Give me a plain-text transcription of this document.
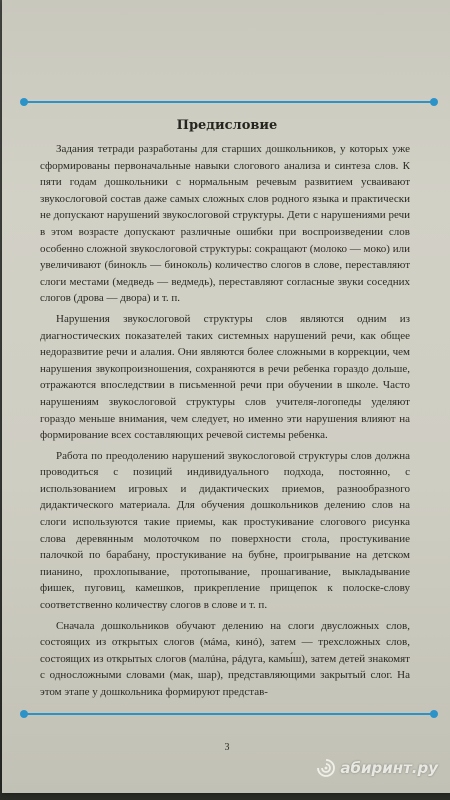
Предисловие

Задания тетради разработаны для старших дошкольников, у которых уже сформированы первоначальные навыки слогового анализа и синтеза слов. К пяти годам дошкольники с нормальным речевым развитием усваивают звукослоговой состав даже самых сложных слов родного языка и практически не допускают нарушений звукослоговой структуры. Дети с нарушениями речи в этом возрасте допускают различные ошибки при воспроизведении слов особенно сложной звукослоговой структуры: сокращают (молоко — моко) или увеличивают (бинокль — биноколь) количество слогов в слове, переставляют слоги местами (медведь — ведмедь), переставляют согласные звуки соседних слогов (дрова — двора) и т. п.

Нарушения звукослоговой структуры слов являются одним из диагностических показателей таких системных нарушений речи, как общее недоразвитие речи и алалия. Они являются более сложными в коррекции, чем нарушения звукопроизношения, сохраняются в речи ребенка гораздо дольше, отражаются впоследствии в письменной речи при обучении в школе. Часто нарушениям звукослоговой структуры слов учителя-логопеды уделяют гораздо меньше внимания, чем следует, но именно эти нарушения влияют на формирование всех составляющих речевой системы ребенка.

Работа по преодолению нарушений звукослоговой структуры слов должна проводиться с позиций индивидуального подхода, постоянно, с использованием игровых и дидактических приемов, разнообразного дидактического материала. Для обучения дошкольников делению слов на слоги используются такие приемы, как простукивание слогового рисунка слова деревянным молоточком по поверхности стола, простукивание палочкой по барабану, простукивание на бубне, проигрывание на детском пианино, прохлопывание, протопывание, прошагивание, выкладывание фишек, пуговиц, камешков, прикрепление прищепок к полоске-слову соответственно количеству слогов в слове и т. п.

Сначала дошкольников обучают делению на слоги двусложных слов, состоящих из открытых слогов (мáма, кинó), затем — трехсложных слов, состоящих из открытых слогов (малúна, рáдуга, камы́ш), затем детей знакомят с односложными словами (мак, шар), представляющими закрытый слог. На этом этапе у дошкольника формируют представ-

3
абиринт.ру
